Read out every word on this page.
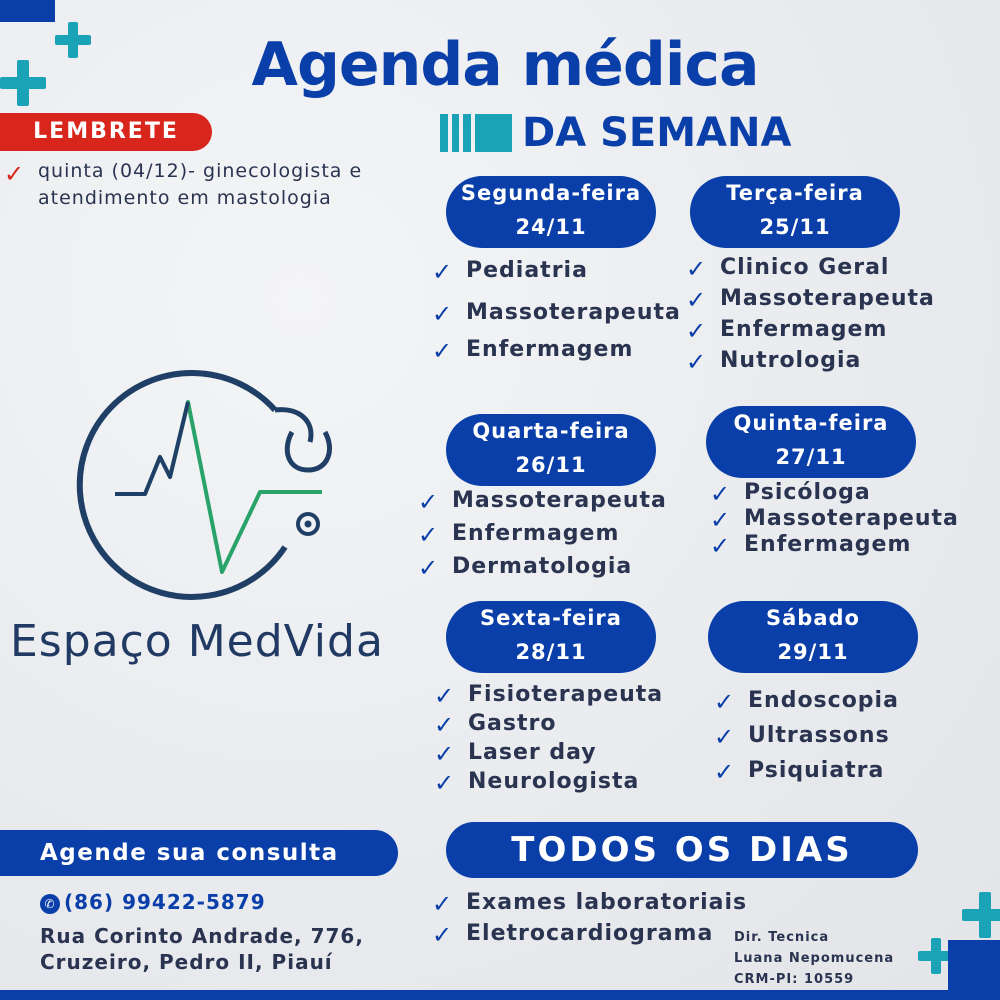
Agenda médica
DA SEMANA
LEMBRETE
✓ quinta (04/12)- ginecologista e atendimento em mastologia
Espaço MedVida
Segunda-feira
24/11
✓ Pediatria
✓ Massoterapeuta
✓ Enfermagem
Terça-feira
25/11
✓ Clinico Geral
✓ Massoterapeuta
✓ Enfermagem
✓ Nutrologia
Quarta-feira
26/11
✓ Massoterapeuta
✓ Enfermagem
✓ Dermatologia
Quinta-feira
27/11
✓ Psicóloga
✓ Massoterapeuta
✓ Enfermagem
Sexta-feira
28/11
✓ Fisioterapeuta
✓ Gastro
✓ Laser day
✓ Neurologista
Sábado
29/11
✓ Endoscopia
✓ Ultrassons
✓ Psiquiatra
Agende sua consulta
✆ (86) 99422-5879
Rua Corinto Andrade, 776, Cruzeiro, Pedro II, Piauí
TODOS OS DIAS
✓ Exames laboratoriais
✓ Eletrocardiograma	Dir. Tecnica
Luana Nepomucena
CRM-PI: 10559
